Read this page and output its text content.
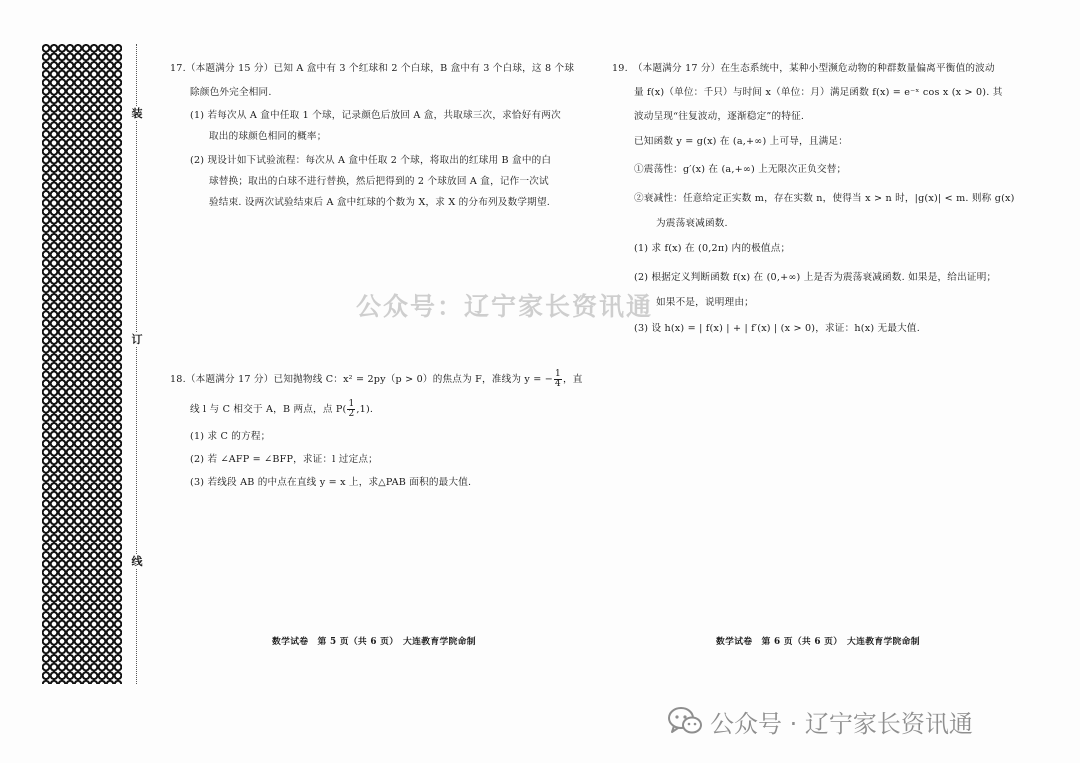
装
订
线
17.（本题满分 15 分）已知 A 盒中有 3 个红球和 2 个白球，B 盒中有 3 个白球，这 8 个球
除颜色外完全相同.
(1) 若每次从 A 盒中任取 1 个球，记录颜色后放回 A 盒，共取球三次，求恰好有两次
取出的球颜色相同的概率；
(2) 现设计如下试验流程：每次从 A 盒中任取 2 个球，将取出的红球用 B 盒中的白
球替换；取出的白球不进行替换，然后把得到的 2 个球放回 A 盒，记作一次试
验结束. 设两次试验结束后 A 盒中红球的个数为 X，求 X 的分布列及数学期望.
18.（本题满分 17 分）已知抛物线 C：x² = 2py（p > 0）的焦点为 F，准线为 y = − $\frac{1}{4}$ ，直
线 l 与 C 相交于 A，B 两点，点 $P( \frac{1}{2} ,1)$.
(1) 求 C 的方程；
(2) 若 ∠AFP = ∠BFP，求证：l 过定点；
(3) 若线段 AB 的中点在直线 y = x 上，求△PAB 面积的最大值.
数学试卷　第 5 页（共 6 页）　大连教育学院命制
19.　（本题满分 17 分）在生态系统中，某种小型濒危动物的种群数量偏离平衡值的波动
量 f(x)（单位：千只）与时间 x（单位：月）满足函数 f(x) = e⁻ˣ cos x (x > 0). 其
波动呈现“往复波动，逐渐稳定”的特征.
已知函数 y = g(x) 在 (a,+∞) 上可导，且满足：
①震荡性：g′(x) 在 (a,+∞) 上无限次正负交替；
②衰减性：任意给定正实数 m，存在实数 n，使得当 x > n 时，|g(x)| < m. 则称 g(x)
为震荡衰减函数.
(1) 求 f(x) 在 (0,2π) 内的极值点；
(2) 根据定义判断函数 f(x) 在 (0,+∞) 上是否为震荡衰减函数. 如果是，给出证明；
如果不是，说明理由；
(3) 设 h(x) = | f(x) | + | f′(x) | (x > 0)，求证：h(x) 无最大值.
数学试卷　第 6 页（共 6 页）　大连教育学院命制
公众号：辽宁家长资讯通
公众号 · 辽宁家长资讯通
